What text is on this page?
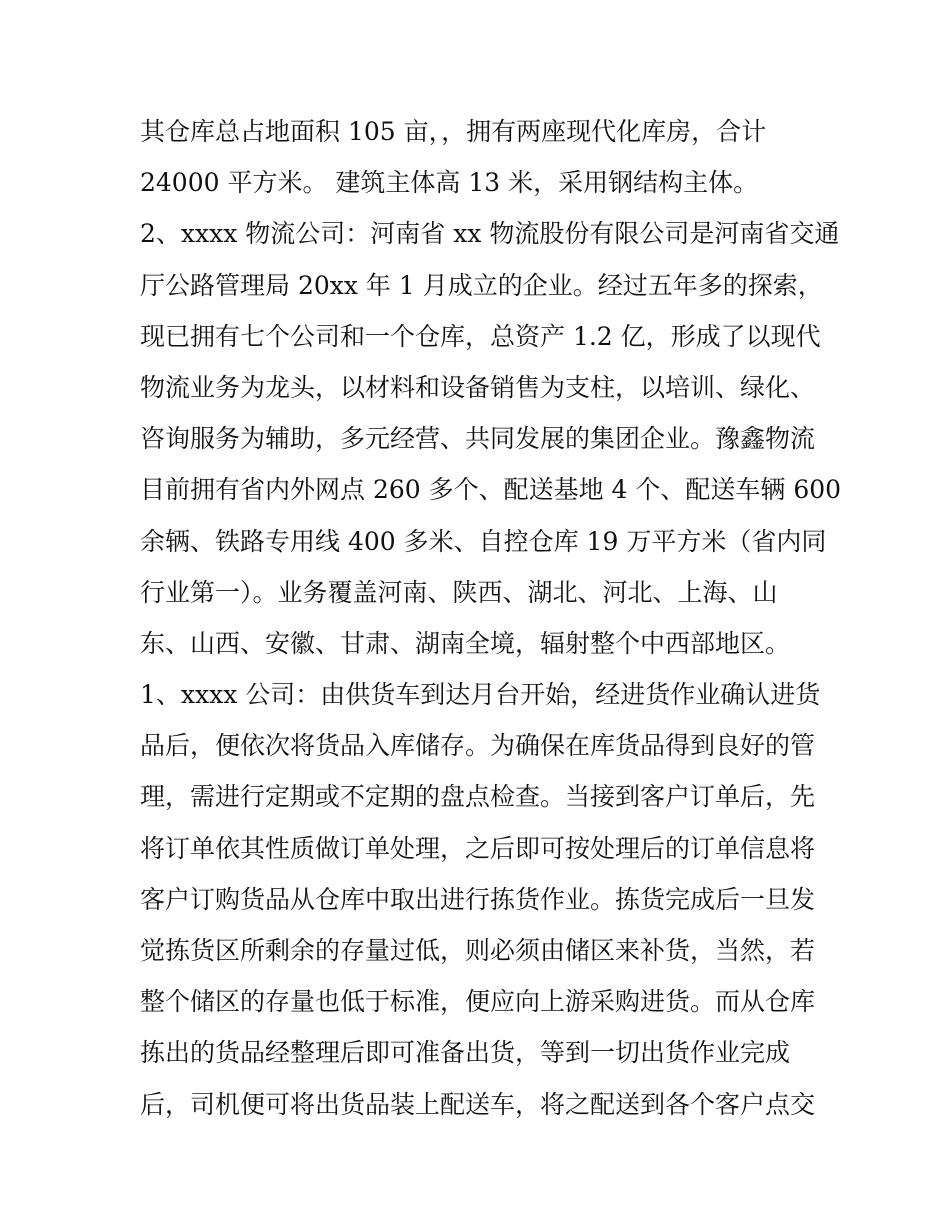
其仓库总占地面积 105 亩，，拥有两座现代化库房，合计
24000 平方米。 建筑主体高 13 米，采用钢结构主体。
2、xxxx 物流公司：河南省 xx 物流股份有限公司是河南省交通
厅公路管理局 20xx 年 1 月成立的企业。经过五年多的探索，
现已拥有七个公司和一个仓库，总资产 1.2 亿，形成了以现代
物流业务为龙头，以材料和设备销售为支柱，以培训、绿化、
咨询服务为辅助，多元经营、共同发展的集团企业。豫鑫物流
目前拥有省内外网点 260 多个、配送基地 4 个、配送车辆 600
余辆、铁路专用线 400 多米、自控仓库 19 万平方米（省内同
行业第一）。业务覆盖河南、陕西、湖北、河北、上海、山
东、山西、安徽、甘肃、湖南全境，辐射整个中西部地区。
1、xxxx 公司：由供货车到达月台开始，经进货作业确认进货
品后，便依次将货品入库储存。为确保在库货品得到良好的管
理，需进行定期或不定期的盘点检查。当接到客户订单后，先
将订单依其性质做订单处理，之后即可按处理后的订单信息将
客户订购货品从仓库中取出进行拣货作业。拣货完成后一旦发
觉拣货区所剩余的存量过低，则必须由储区来补货，当然，若
整个储区的存量也低于标准，便应向上游采购进货。而从仓库
拣出的货品经整理后即可准备出货，等到一切出货作业完成
后，司机便可将出货品装上配送车，将之配送到各个客户点交
